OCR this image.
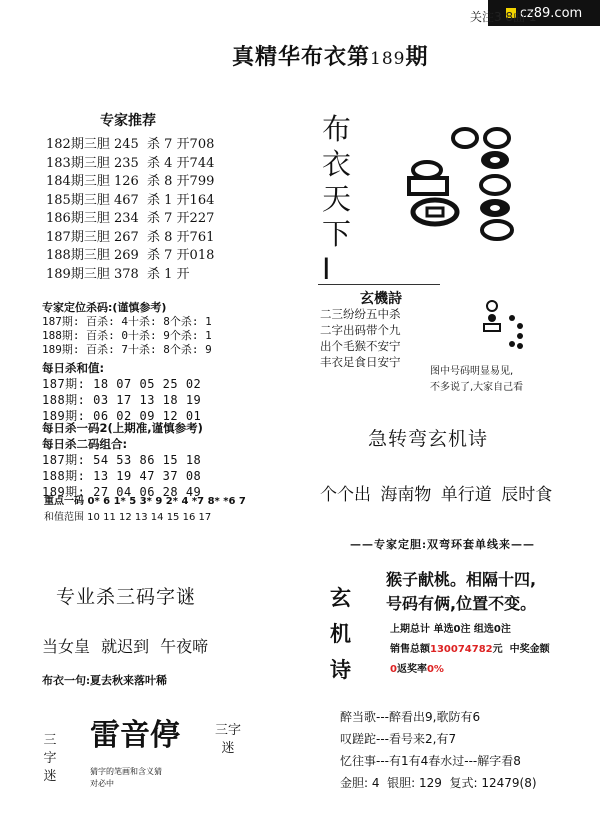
cz89.com
关注3 8曲 1
真精华布衣第189期
专家推荐
182期三胆 245  杀 7 开708
183期三胆 235  杀 4 开744
184期三胆 126  杀 8 开799
185期三胆 467  杀 1 开164
186期三胆 234  杀 7 开227
187期三胆 267  杀 8 开761
188期三胆 269  杀 7 开018
189期三胆 378  杀 1 开
布
衣
天
下
I
玄機詩
二三纷纷五中杀
二字出码带个九
出个毛猴不安宁
丰衣足食日安宁
图中号码明显易见,
不多说了,大家自己看
专家定位杀码:(谨慎参考)
187期: 百杀: 4十杀: 8个杀: 1
188期: 百杀: 0十杀: 9个杀: 1
189期: 百杀: 7十杀: 8个杀: 9
每日杀和值:
187期: 18 07 05 25 02
188期: 03 17 13 18 19
189期: 06 02 09 12 01
每日杀一码2(上期准,谨慎参考)
每日杀二码组合:
187期: 54 53 86 15 18
188期: 13 19 47 37 08
189期: 27 04 06 28 49
重点一码 0* 6 1* 5 3* 9 2* 4 *7 8* *6 7
和值范围 10 11 12 13 14 15 16 17
急转弯玄机诗
个个出 海南物 单行道 辰时食
——专家定胆:双弯环套单线来——
玄
机
诗
猴子献桃。相隔十四,
号码有俩,位置不变。
上期总计 单选0注 组选0注
销售总额130074782元 中奖金额
0返奖率0%
醉当歌---醉看出9,歌防有6
叹蹉跎---看号来2,有7
忆往事---有1有4春水过---解字看8
金胆: 4  银胆: 129  复式: 12479(8)
专业杀三码字谜
当女皇 就迟到 午夜啼
布衣一句:夏去秋来落叶稀
雷音停
猜字的笔画和含义猜
对必中
三
字
迷
三字
迷
